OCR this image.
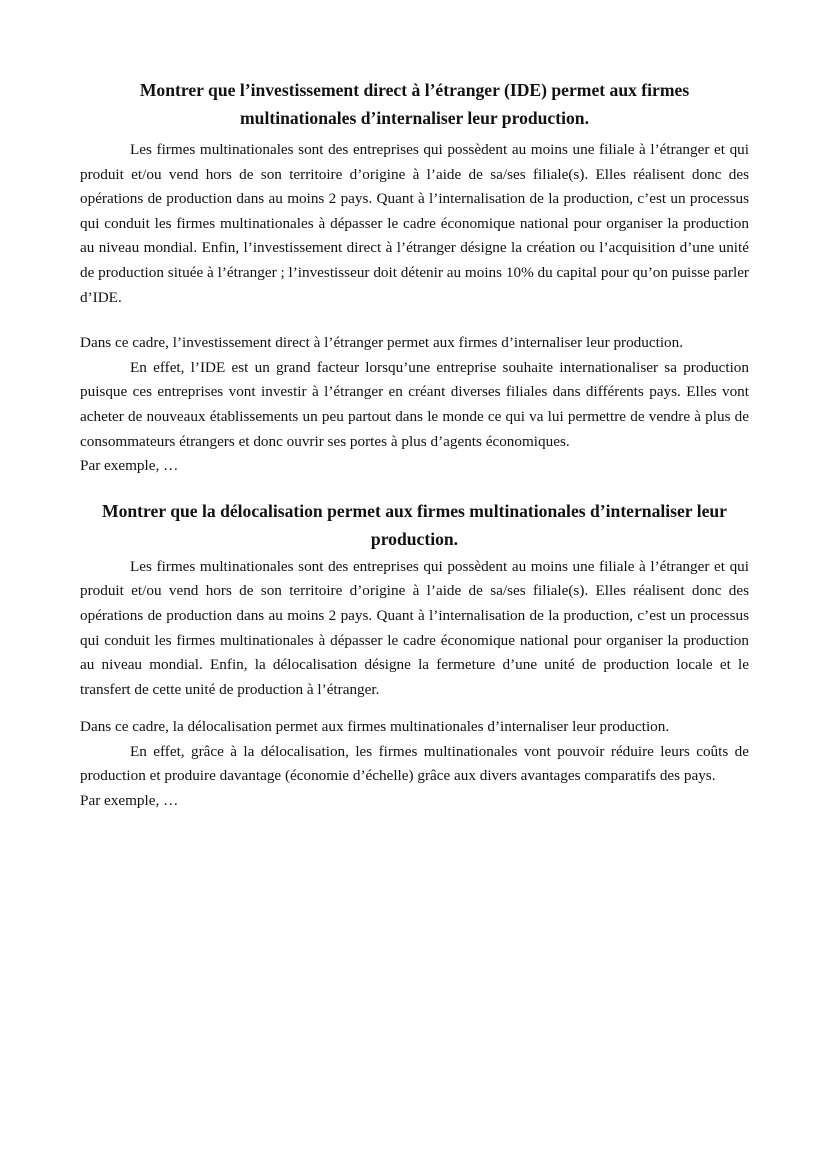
Montrer que l’investissement direct à l’étranger (IDE) permet aux firmes multinationales d’internaliser leur production.

Les firmes multinationales sont des entreprises qui possèdent au moins une filiale à l’étranger et qui produit et/ou vend hors de son territoire d’origine à l’aide de sa/ses filiale(s). Elles réalisent donc des opérations de production dans au moins 2 pays. Quant à l’internalisation de la production, c’est un processus qui conduit les firmes multinationales à dépasser le cadre économique national pour organiser la production au niveau mondial. Enfin, l’investissement direct à l’étranger désigne la création ou l’acquisition d’une unité de production située à l’étranger ; l’investisseur doit détenir au moins 10% du capital pour qu’on puisse parler d’IDE.

Dans ce cadre, l’investissement direct à l’étranger permet aux firmes d’internaliser leur production.

En effet, l’IDE est un grand facteur lorsqu’une entreprise souhaite internationaliser sa production puisque ces entreprises vont investir à l’étranger en créant diverses filiales dans différents pays. Elles vont acheter de nouveaux établissements un peu partout dans le monde ce qui va lui permettre de vendre à plus de consommateurs étrangers et donc ouvrir ses portes à plus d’agents économiques.

Par exemple, …

Montrer que la délocalisation permet aux firmes multinationales d’internaliser leur production.

Les firmes multinationales sont des entreprises qui possèdent au moins une filiale à l’étranger et qui produit et/ou vend hors de son territoire d’origine à l’aide de sa/ses filiale(s). Elles réalisent donc des opérations de production dans au moins 2 pays. Quant à l’internalisation de la production, c’est un processus qui conduit les firmes multinationales à dépasser le cadre économique national pour organiser la production au niveau mondial. Enfin, la délocalisation désigne la fermeture d’une unité de production locale et le transfert de cette unité de production à l’étranger.

Dans ce cadre, la délocalisation permet aux firmes multinationales d’internaliser leur production.

En effet, grâce à la délocalisation, les firmes multinationales vont pouvoir réduire leurs coûts de production et produire davantage (économie d’échelle) grâce aux divers avantages comparatifs des pays.

Par exemple, …
